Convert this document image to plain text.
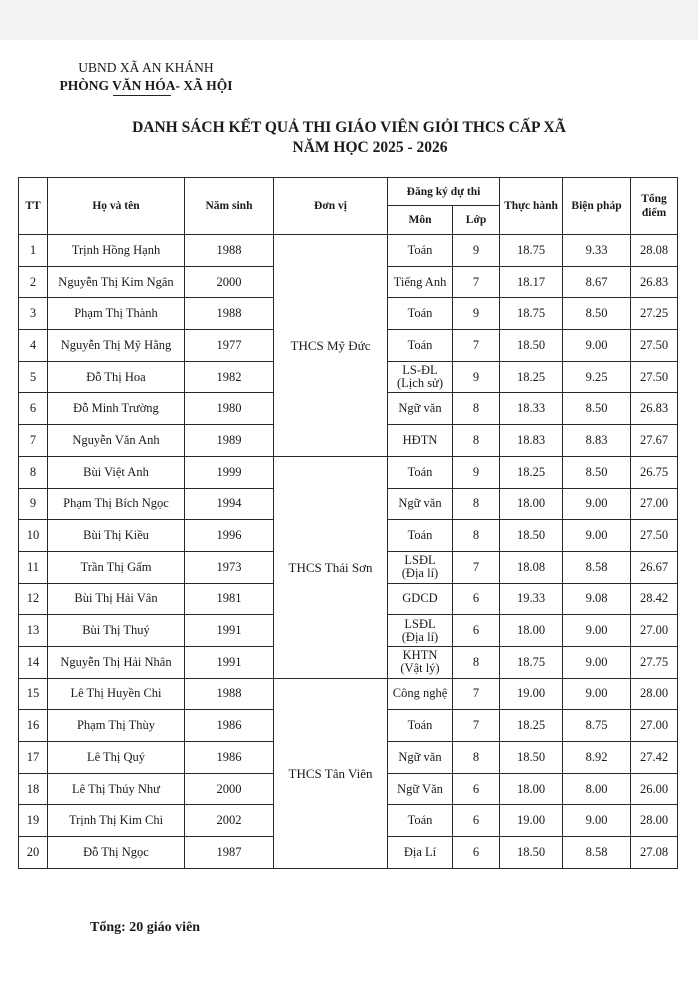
UBND XÃ AN KHÁNH
PHÒNG VĂN HÓA- XÃ HỘI
DANH SÁCH KẾT QUẢ THI GIÁO VIÊN GIỎI THCS CẤP XÃ
NĂM HỌC 2025 - 2026
TT	Họ và tên	Năm sinh	Đơn vị	Đăng ký dự thi		Thực hành	Biện pháp	Tổng điểm
				Môn	Lớp			
1	Trịnh Hồng Hạnh	1988	THCS Mỹ Đức	Toán	9	18.75	9.33	28.08
2	Nguyễn Thị Kim Ngân	2000		Tiếng Anh	7	18.17	8.67	26.83
3	Phạm Thị Thành	1988		Toán	9	18.75	8.50	27.25
4	Nguyễn Thị Mỹ Hằng	1977		Toán	7	18.50	9.00	27.50
5	Đỗ Thị Hoa	1982		LS-ĐL
(Lịch sử)	9	18.25	9.25	27.50
6	Đỗ Minh Trường	1980		Ngữ văn	8	18.33	8.50	26.83
7	Nguyễn Văn Anh	1989		HĐTN	8	18.83	8.83	27.67
8	Bùi Việt Anh	1999	THCS Thái Sơn	Toán	9	18.25	8.50	26.75
9	Phạm Thị Bích Ngọc	1994		Ngữ văn	8	18.00	9.00	27.00
10	Bùi Thị Kiều	1996		Toán	8	18.50	9.00	27.50
11	Trần Thị Gấm	1973		LSĐL
(Địa lí)	7	18.08	8.58	26.67
12	Bùi Thị Hải Vân	1981		GDCD	6	19.33	9.08	28.42
13	Bùi Thị Thuý	1991		LSĐL
(Địa lí)	6	18.00	9.00	27.00
14	Nguyễn Thị Hải Nhân	1991		KHTN
(Vật lý)	8	18.75	9.00	27.75
15	Lê Thị Huyền Chi	1988	THCS Tân Viên	Công nghệ	7	19.00	9.00	28.00
16	Phạm Thị Thùy	1986		Toán	7	18.25	8.75	27.00
17	Lê Thị Quý	1986		Ngữ văn	8	18.50	8.92	27.42
18	Lê Thị Thúy Như	2000		Ngữ Văn	6	18.00	8.00	26.00
19	Trịnh Thị Kim Chi	2002		Toán	6	19.00	9.00	28.00
20	Đỗ Thị Ngọc	1987		Địa Lí	6	18.50	8.58	27.08
Tổng: 20 giáo viên
